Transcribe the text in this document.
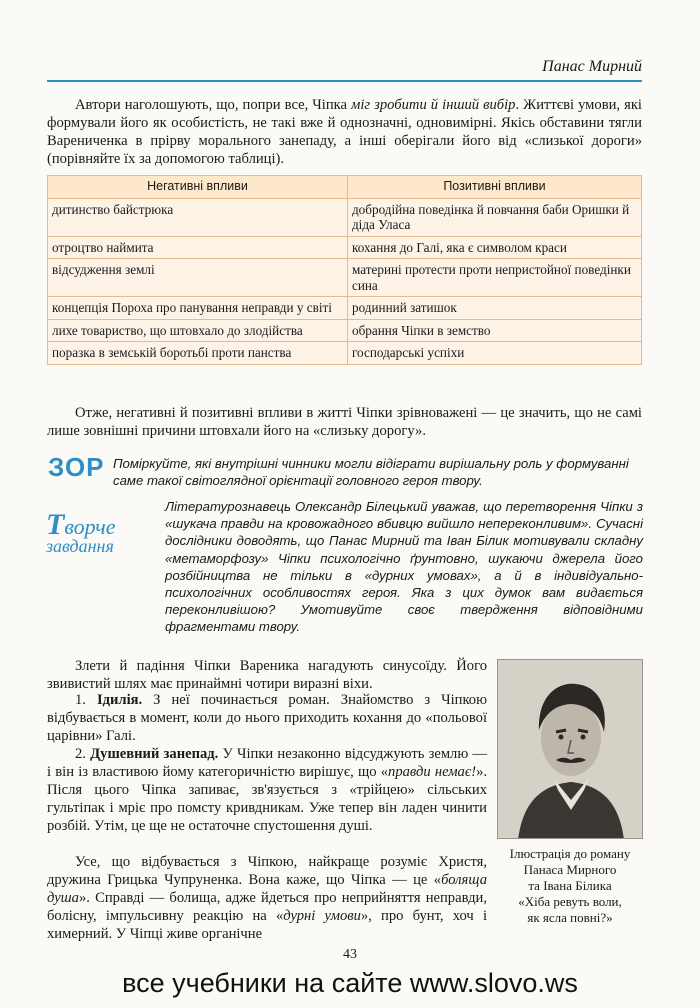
Панас Мирний

Автори наголошують, що, попри все, Чіпка міг зробити й інший вибір. Життєві умови, які формували його як особистість, не такі вже й однозначні, одновимірні. Якісь обставини тягли Варениченка в прірву морального занепаду, а інші оберігали його від «слизької дороги» (порівняйте їх за допомогою таблиці).

Негативні впливи	Позитивні впливи
дитинство байстрюка	добродійна поведінка й повчання баби Оришки й діда Уласа
отроцтво наймита	кохання до Галі, яка є символом краси
відсудження землі	материні протести проти непристойної поведінки сина
концепція Пороха про панування неправди у світі	родинний затишок
лихе товариство, що штовхало до злодійства	обрання Чіпки в земство
поразка в земській боротьбі проти панства	господарські успіхи

Отже, негативні й позитивні впливи в житті Чіпки зрівноважені — це значить, що не самі лише зовнішні причини штовхали його на «слизьку дорогу».

ЗОР Поміркуйте, які внутрішні чинники могли відіграти вирішальну роль у формуванні саме такої світоглядної орієнтації головного героя твору.

Творче
завдання

Літературознавець Олександр Білецький уважав, що перетворення Чіпки з «шукача правди на кровожадного вбивцю вийшло непереконливим». Сучасні дослідники доводять, що Панас Мирний та Іван Білик мотивували складну «метаморфозу» Чіпки психологічно ґрунтовно, шукаючи джерела його розбійництва не тільки в «дурних умовах», а й в індивідуально-психологічних особливостях героя. Яка з цих думок вам видається переконливішою? Умотивуйте своє твердження відповідними фрагментами твору.

Злети й падіння Чіпки Вареника нагадують синусоїду. Його звивистий шлях має принаймні чотири виразні віхи.

1. Ідилія. З неї починається роман. Знайомство з Чіпкою відбувається в момент, коли до нього приходить кохання до «польової царівни» Галі.

2. Душевний занепад. У Чіпки незаконно відсуджують землю — і він із властивою йому категоричністю вирішує, що «правди немає!». Після цього Чіпка запиває, зв'язується з «трійцею» сільських гультіпак і мріє про помсту кривдникам. Уже тепер він ладен чинити розбій. Утім, це ще не остаточне спустошення душі.

Усе, що відбувається з Чіпкою, найкраще розуміє Христя, дружина Грицька Чупруненка. Вона каже, що Чіпка — це «боляща душа». Справді — болища, адже йдеться про неприйняття неправди, болісну, імпульсивну реакцію на «дурні умови», про бунт, хоч і химерний. У Чіпці живе органічне

Ілюстрація до роману
Панаса Мирного
та Івана Білика
«Хіба ревуть воли,
як ясла повні?»
43
все учебники на сайте www.slovo.ws
